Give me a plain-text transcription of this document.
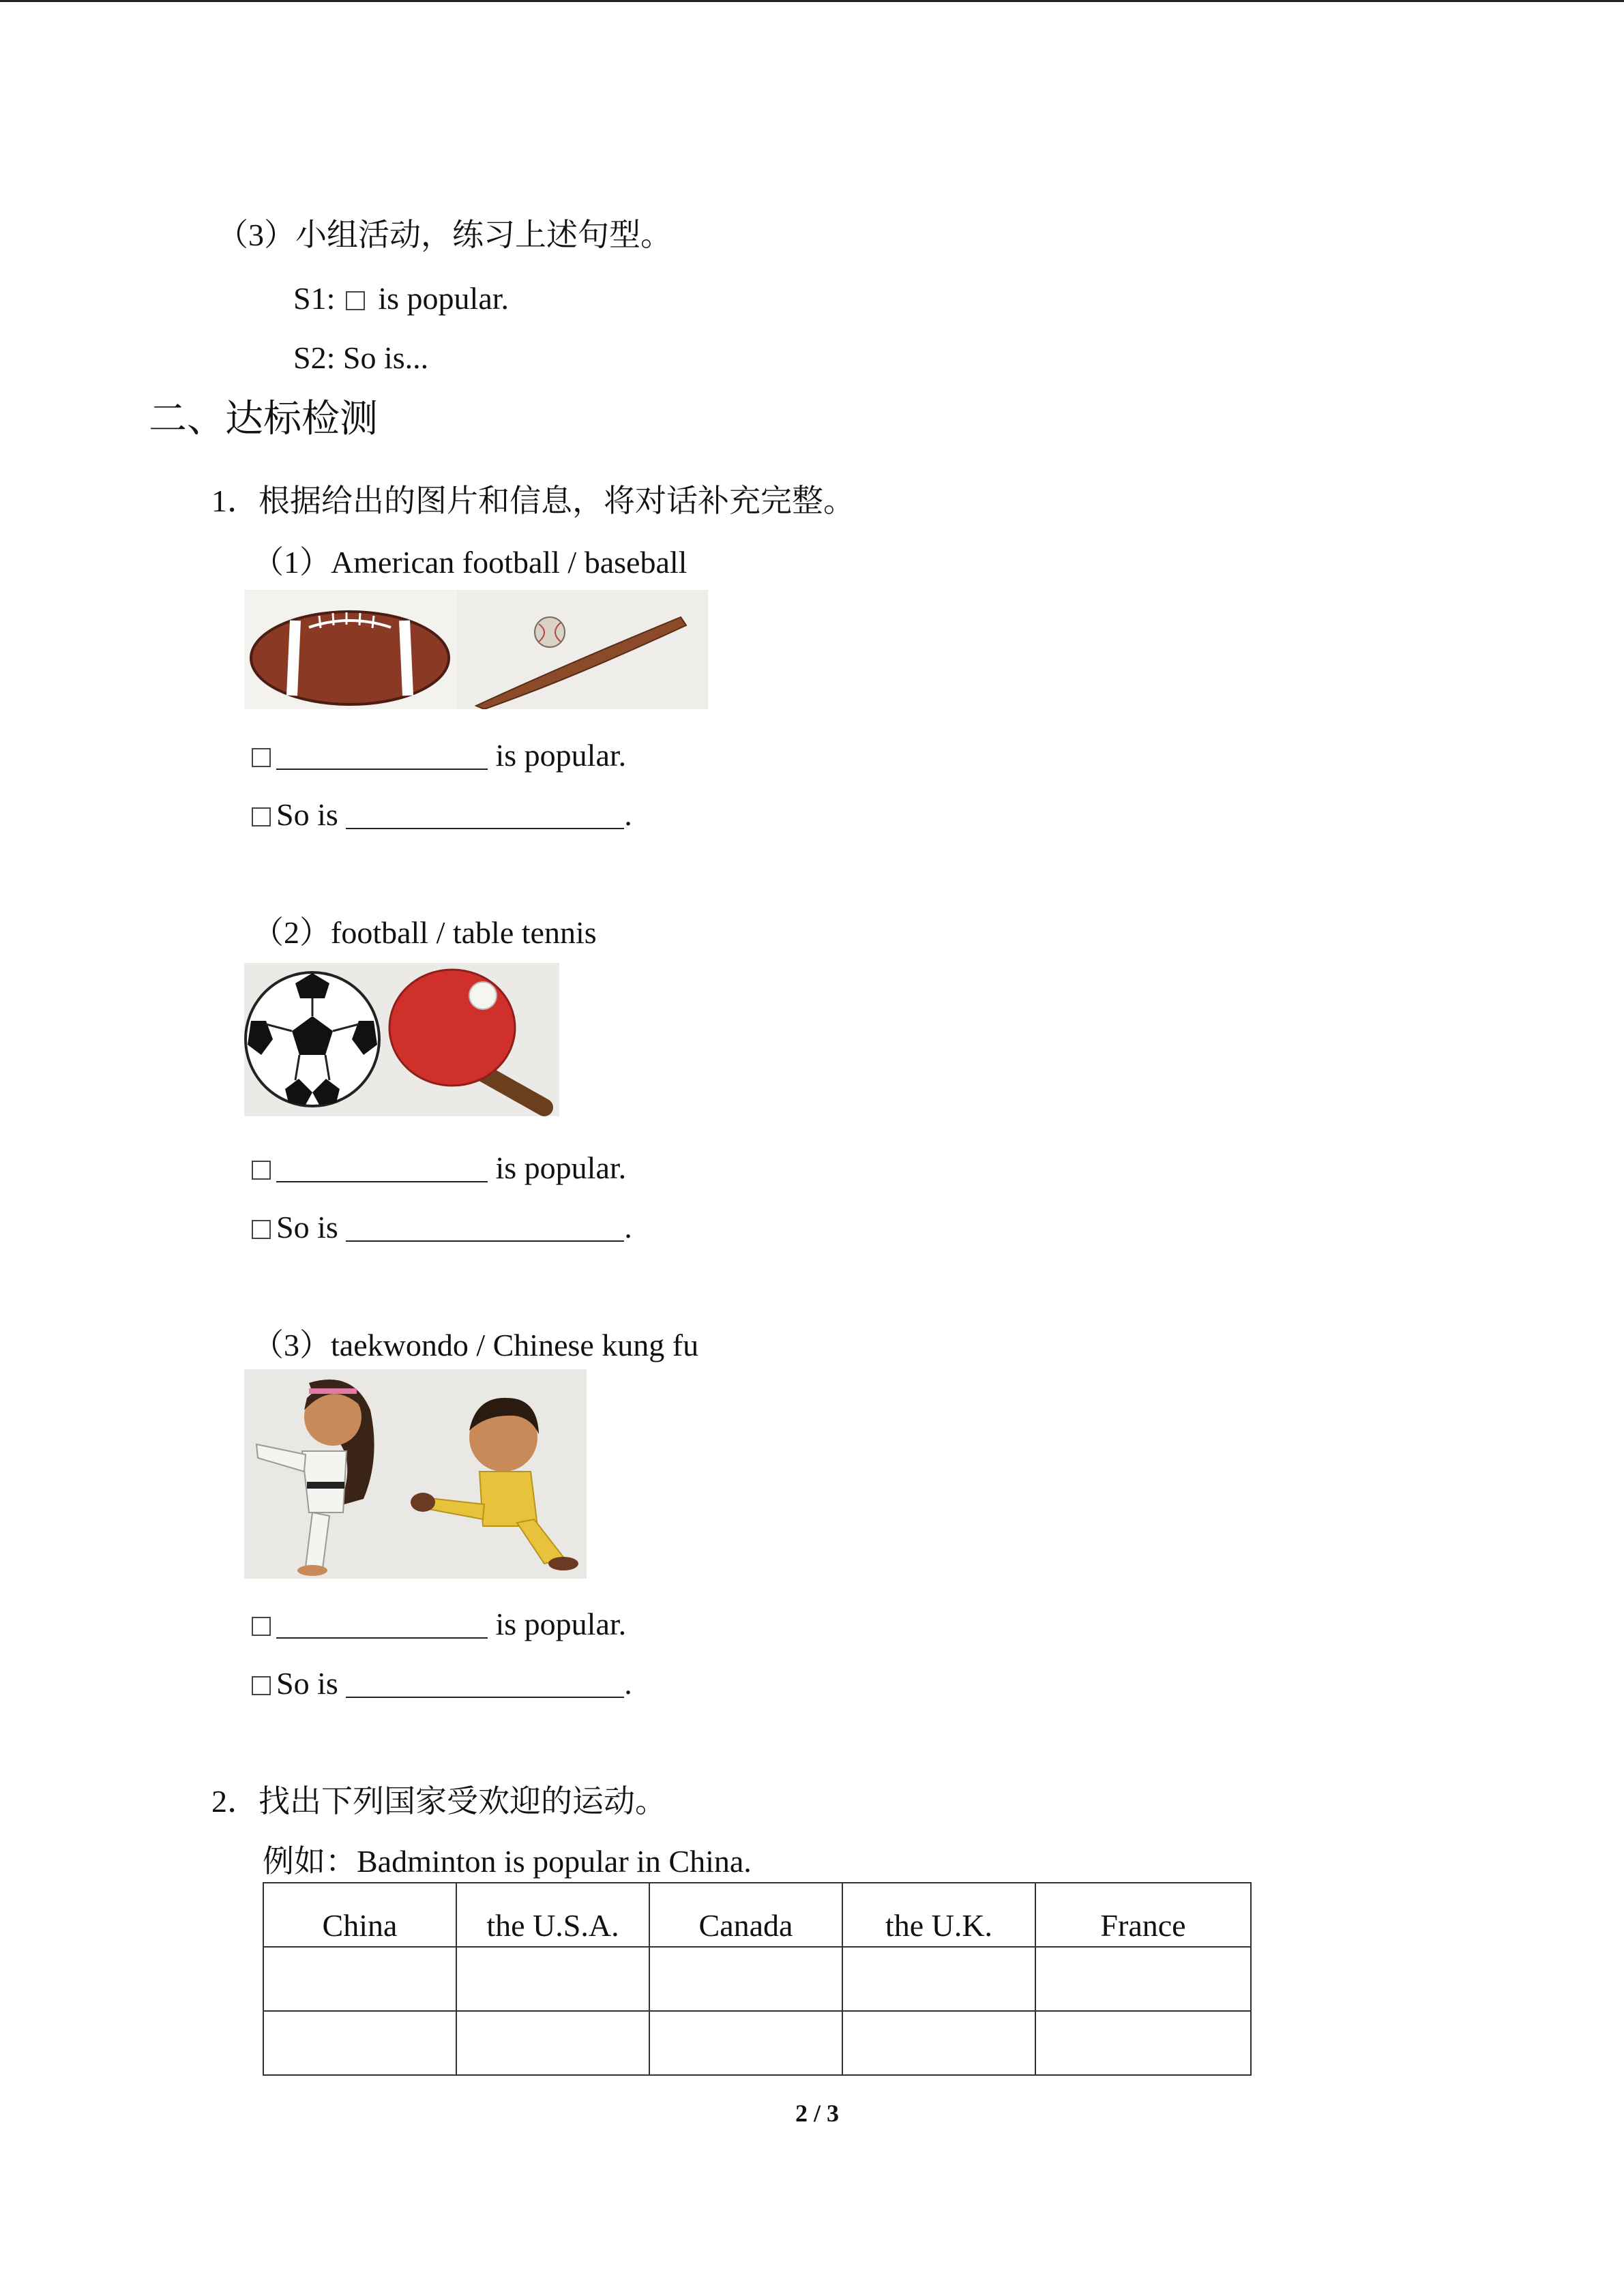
（3）小组活动，练习上述句型。
S1: is popular.
S2: So is...
二、达标检测
1．根据给出的图片和信息，将对话补充完整。
（1）American football / baseball
is popular.
So is	.
（2）football / table tennis
is popular.
So is	.
（3）taekwondo / Chinese kung fu
is popular.
So is	.
2．找出下列国家受欢迎的运动。
例如：Badminton is popular in China.
China	the U.S.A.	Canada	the U.K.	France

2 / 3
